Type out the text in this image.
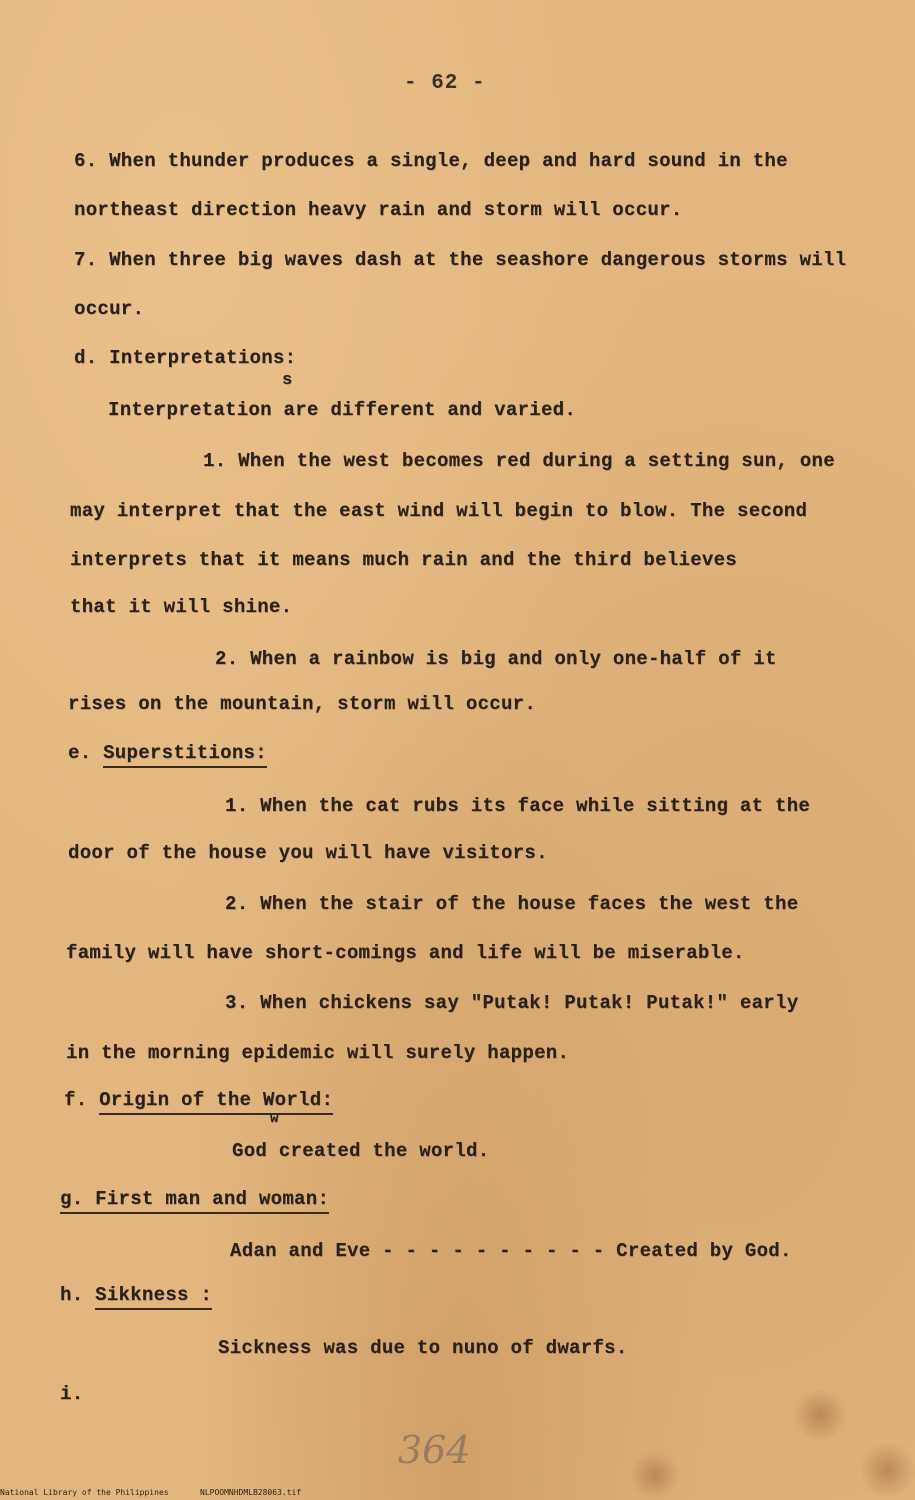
- 62 -
6. When thunder produces a single, deep and hard sound in the
northeast direction heavy rain and storm will occur.
7. When three big waves dash at the seashore dangerous storms will
occur.
d. Interpretations:
s
Interpretation are different and varied.
1. When the west becomes red during a setting sun, one
may interpret that the east wind will begin to blow. The second
interprets that it means much rain and the third believes
that it will shine.
2. When a rainbow is big and only one-half of it
rises on the mountain, storm will occur.
e. Superstitions:
1. When the cat rubs its face while sitting at the
door of the house you will have visitors.
2. When the stair of the house faces the west the
family will have short-comings and life will be miserable.
3. When chickens say "Putak! Putak! Putak!" early
in the morning epidemic will surely happen.
f. Origin of the World:
w
God created the world.
g. First man and woman:
Adan and Eve - - - - - - - - - - Created by God.
h. Sikkness :
Sickness was due to nuno of dwarfs.
i.
364
National Library of the Philippines	NLPOOMNHDMLB28063.tif
